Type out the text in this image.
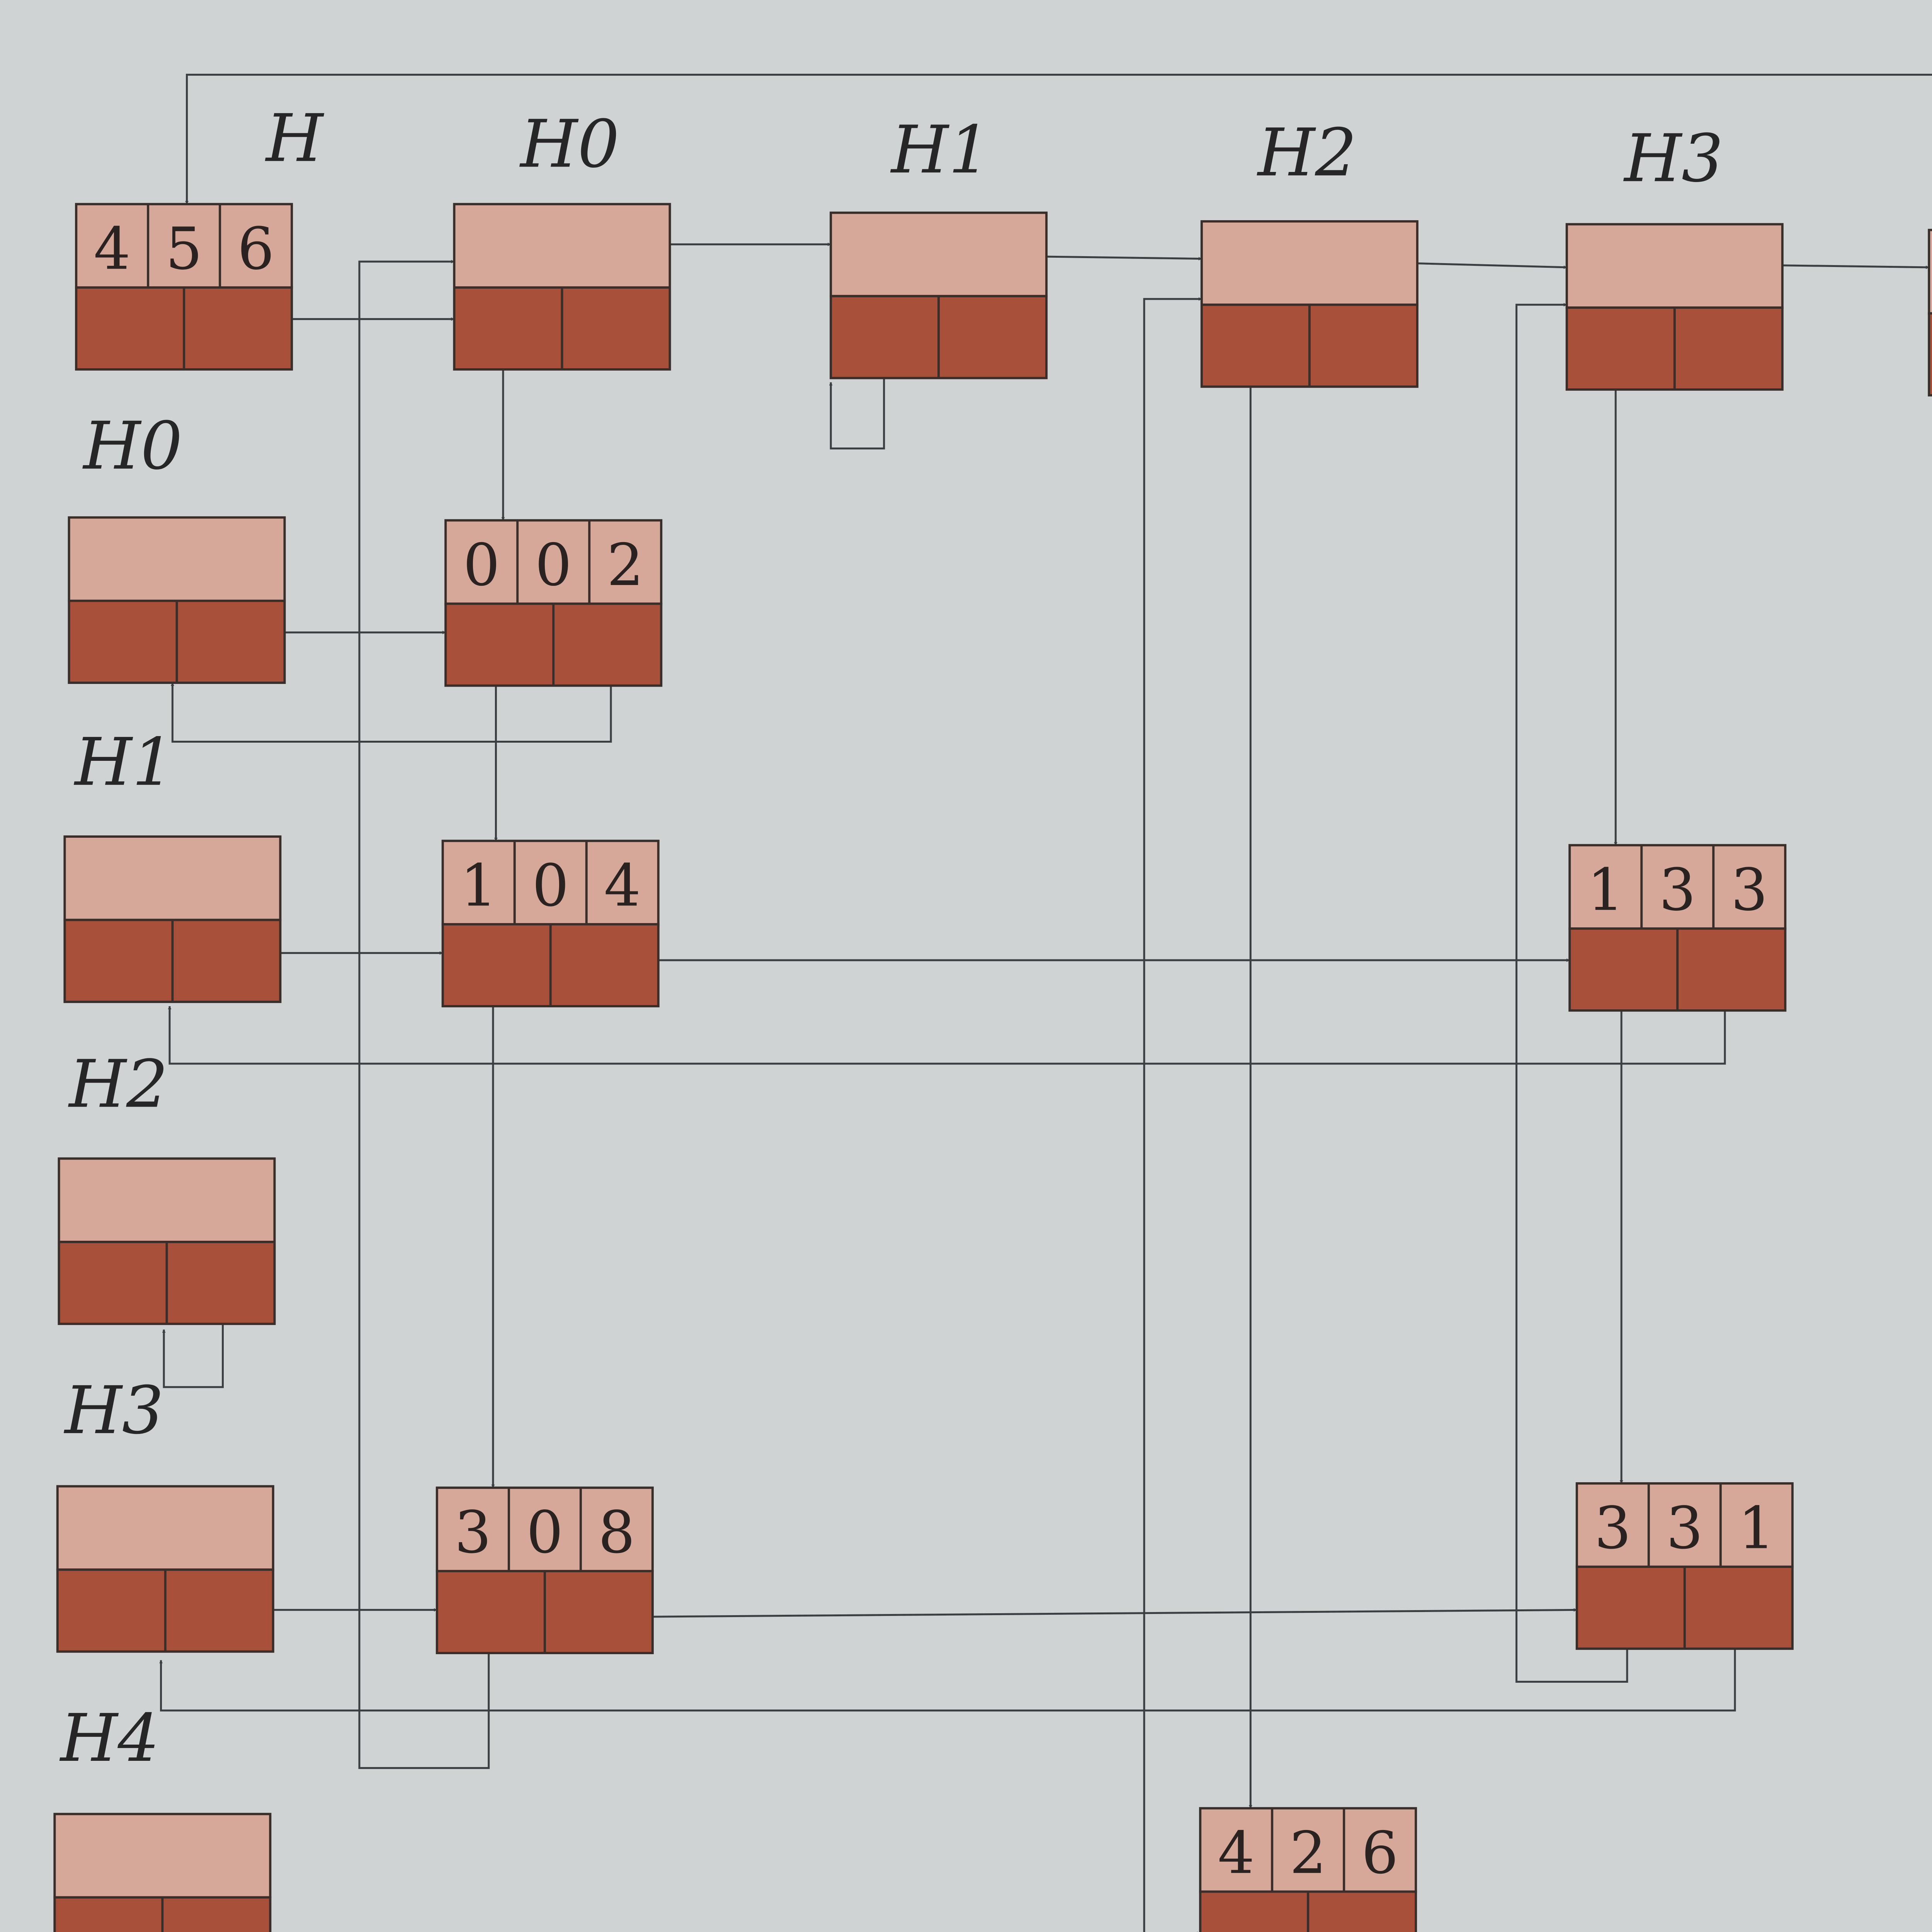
4 5 6
0 0 2
1 0 4	1 3 3
3 0 8	3 3 1
4 2 6
H	H0	H1	H2	H3
H0
H1
H2
H3
H4
